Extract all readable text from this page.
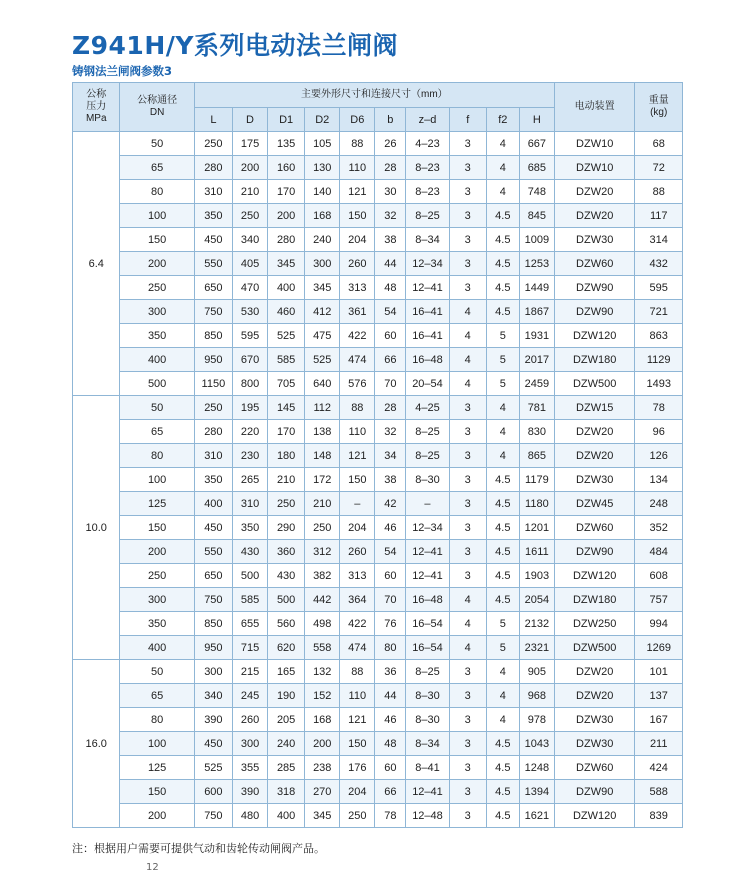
Z941H/Y系列电动法兰闸阀
铸钢法兰闸阀参数3
公称
压力
MPa	公称通径
DN	主要外形尺寸和连接尺寸（mm）										电动装置	重量
(kg)
		L	D	D1	D2	D6	b	z–d	f	f2	H		
6.4	50	250	175	135	105	88	26	4–23	3	4	667	DZW10	68
	65	280	200	160	130	110	28	8–23	3	4	685	DZW10	72
	80	310	210	170	140	121	30	8–23	3	4	748	DZW20	88
	100	350	250	200	168	150	32	8–25	3	4.5	845	DZW20	117
	150	450	340	280	240	204	38	8–34	3	4.5	1009	DZW30	314
	200	550	405	345	300	260	44	12–34	3	4.5	1253	DZW60	432
	250	650	470	400	345	313	48	12–41	3	4.5	1449	DZW90	595
	300	750	530	460	412	361	54	16–41	4	4.5	1867	DZW90	721
	350	850	595	525	475	422	60	16–41	4	5	1931	DZW120	863
	400	950	670	585	525	474	66	16–48	4	5	2017	DZW180	1129
	500	1150	800	705	640	576	70	20–54	4	5	2459	DZW500	1493
10.0	50	250	195	145	112	88	28	4–25	3	4	781	DZW15	78
	65	280	220	170	138	110	32	8–25	3	4	830	DZW20	96
	80	310	230	180	148	121	34	8–25	3	4	865	DZW20	126
	100	350	265	210	172	150	38	8–30	3	4.5	1179	DZW30	134
	125	400	310	250	210	–	42	–	3	4.5	1180	DZW45	248
	150	450	350	290	250	204	46	12–34	3	4.5	1201	DZW60	352
	200	550	430	360	312	260	54	12–41	3	4.5	1611	DZW90	484
	250	650	500	430	382	313	60	12–41	3	4.5	1903	DZW120	608
	300	750	585	500	442	364	70	16–48	4	4.5	2054	DZW180	757
	350	850	655	560	498	422	76	16–54	4	5	2132	DZW250	994
	400	950	715	620	558	474	80	16–54	4	5	2321	DZW500	1269
16.0	50	300	215	165	132	88	36	8–25	3	4	905	DZW20	101
	65	340	245	190	152	110	44	8–30	3	4	968	DZW20	137
	80	390	260	205	168	121	46	8–30	3	4	978	DZW30	167
	100	450	300	240	200	150	48	8–34	3	4.5	1043	DZW30	211
	125	525	355	285	238	176	60	8–41	3	4.5	1248	DZW60	424
	150	600	390	318	270	204	66	12–41	3	4.5	1394	DZW90	588
	200	750	480	400	345	250	78	12–48	3	4.5	1621	DZW120	839
注：根据用户需要可提供气动和齿轮传动闸阀产品。
12
